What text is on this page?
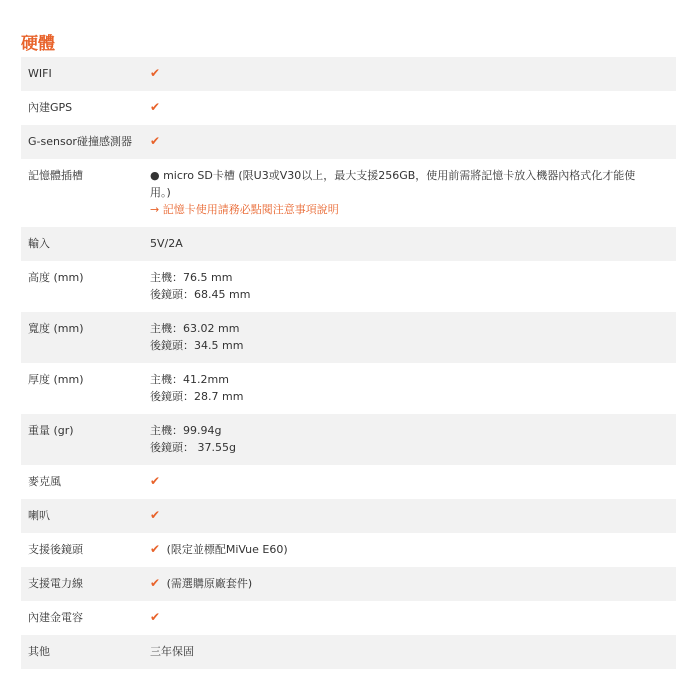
硬體
WIFI	✔
內建GPS	✔
G-sensor碰撞感測器	✔
記憶體插槽	● micro SD卡槽 (限U3或V30以上，最大支援256GB，使用前需將記憶卡放入機器內格式化才能使用。)
→ 記憶卡使用請務必點閱注意事項說明
輸入	5V/2A
高度 (mm)	主機：76.5 mm
後鏡頭：68.45 mm
寬度 (mm)	主機：63.02 mm
後鏡頭：34.5 mm
厚度 (mm)	主機：41.2mm
後鏡頭：28.7 mm
重量 (gr)	主機：99.94g
後鏡頭： 37.55g
麥克風	✔
喇叭	✔
支援後鏡頭	✔ (限定並標配MiVue E60)
支援電力線	✔ (需選購原廠套件)
內建金電容	✔
其他	三年保固
